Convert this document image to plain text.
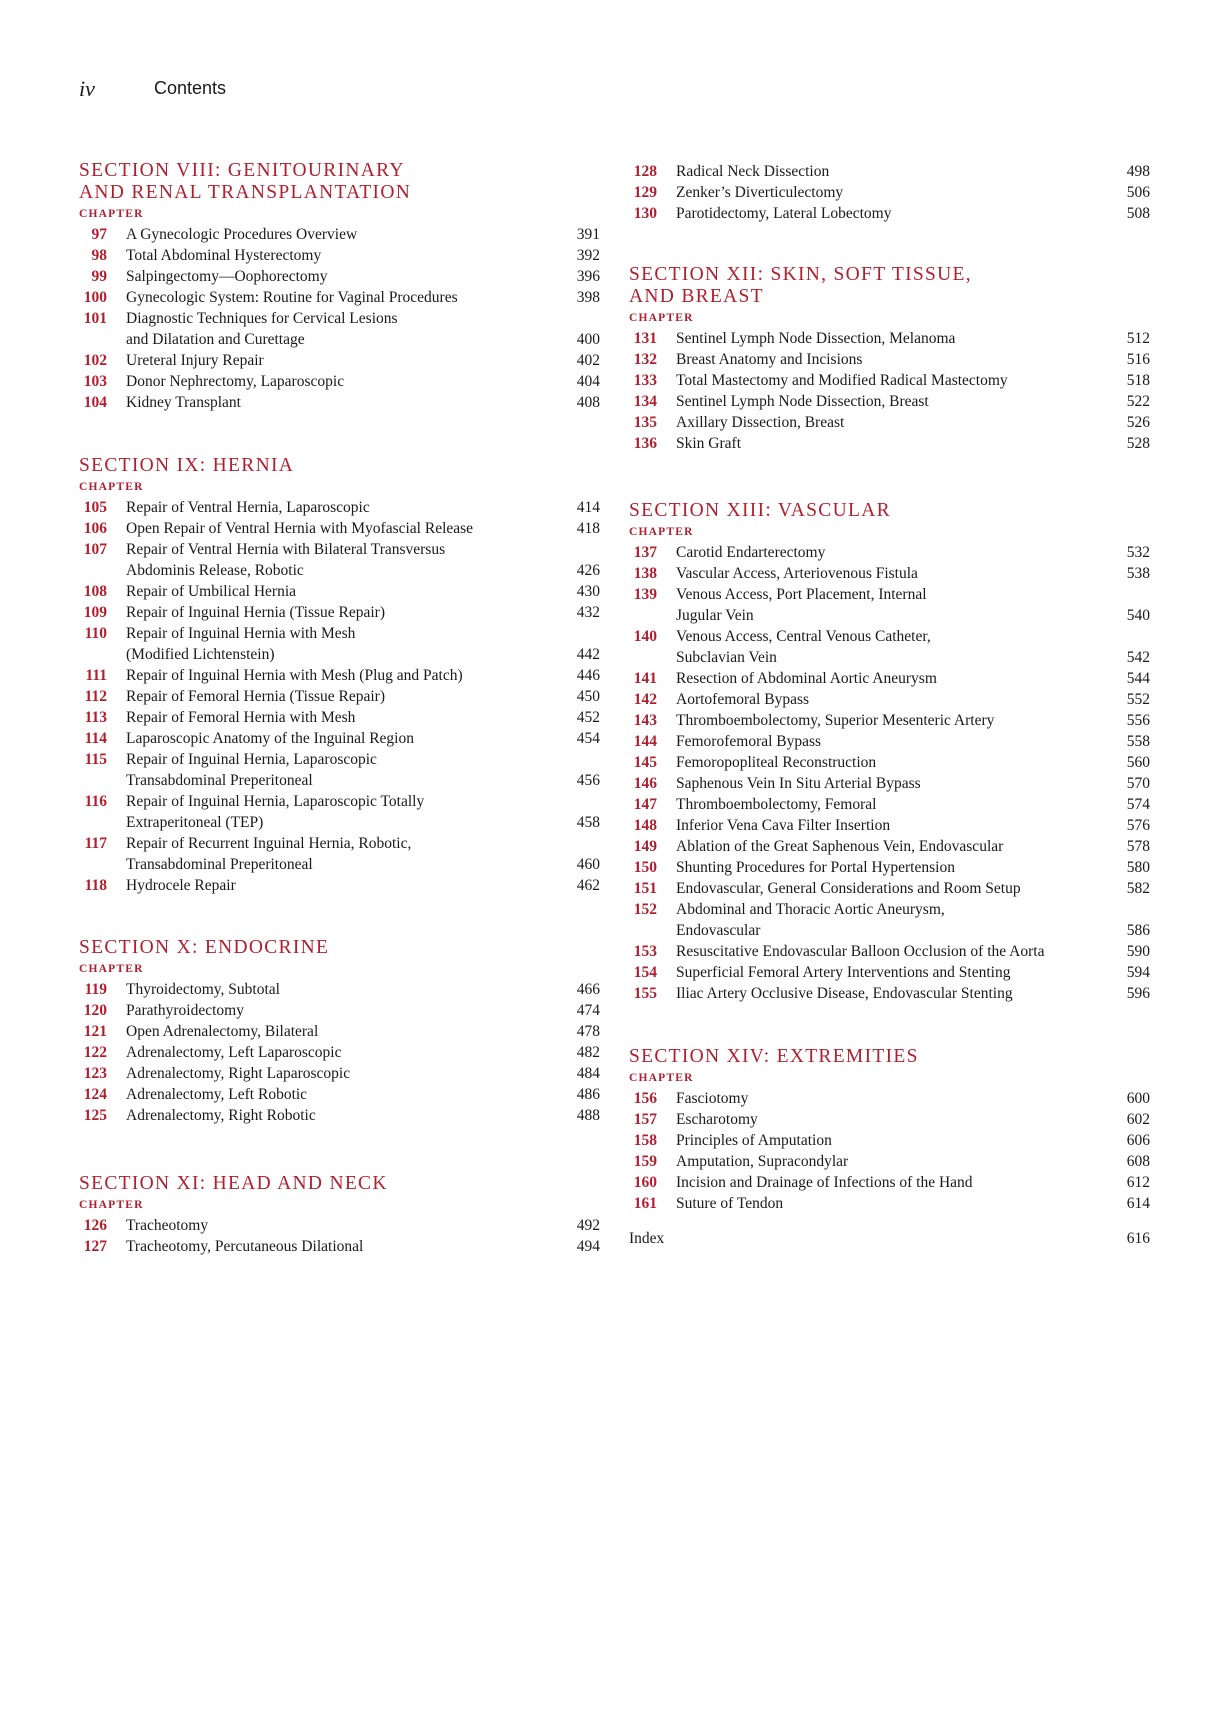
iv	Contents
SECTION VIII: GENITOURINARY
AND RENAL TRANSPLANTATION
CHAPTER
97 A Gynecologic Procedures Overview	391
98 Total Abdominal Hysterectomy	392
99 Salpingectomy—Oophorectomy	396
100 Gynecologic System: Routine for Vaginal Procedures	398
101 Diagnostic Techniques for Cervical Lesions
and Dilatation and Curettage	400
102 Ureteral Injury Repair	402
103 Donor Nephrectomy, Laparoscopic	404
104 Kidney Transplant	408
SECTION IX: HERNIA
CHAPTER
105 Repair of Ventral Hernia, Laparoscopic	414
106 Open Repair of Ventral Hernia with Myofascial Release	418
107 Repair of Ventral Hernia with Bilateral Transversus
Abdominis Release, Robotic	426
108 Repair of Umbilical Hernia	430
109 Repair of Inguinal Hernia (Tissue Repair)	432
110 Repair of Inguinal Hernia with Mesh
(Modified Lichtenstein)	442
111 Repair of Inguinal Hernia with Mesh (Plug and Patch)	446
112 Repair of Femoral Hernia (Tissue Repair)	450
113 Repair of Femoral Hernia with Mesh	452
114 Laparoscopic Anatomy of the Inguinal Region	454
115 Repair of Inguinal Hernia, Laparoscopic
Transabdominal Preperitoneal	456
116 Repair of Inguinal Hernia, Laparoscopic Totally
Extraperitoneal (TEP)	458
117 Repair of Recurrent Inguinal Hernia, Robotic,
Transabdominal Preperitoneal	460
118 Hydrocele Repair	462
SECTION X: ENDOCRINE
CHAPTER
119 Thyroidectomy, Subtotal	466
120 Parathyroidectomy	474
121 Open Adrenalectomy, Bilateral	478
122 Adrenalectomy, Left Laparoscopic	482
123 Adrenalectomy, Right Laparoscopic	484
124 Adrenalectomy, Left Robotic	486
125 Adrenalectomy, Right Robotic	488
SECTION XI: HEAD AND NECK
CHAPTER
126 Tracheotomy	492
127 Tracheotomy, Percutaneous Dilational	494
128 Radical Neck Dissection	498
129 Zenker’s Diverticulectomy	506
130 Parotidectomy, Lateral Lobectomy	508
SECTION XII: SKIN, SOFT TISSUE,
AND BREAST
CHAPTER
131 Sentinel Lymph Node Dissection, Melanoma	512
132 Breast Anatomy and Incisions	516
133 Total Mastectomy and Modified Radical Mastectomy	518
134 Sentinel Lymph Node Dissection, Breast	522
135 Axillary Dissection, Breast	526
136 Skin Graft	528
SECTION XIII: VASCULAR
CHAPTER
137 Carotid Endarterectomy	532
138 Vascular Access, Arteriovenous Fistula	538
139 Venous Access, Port Placement, Internal
Jugular Vein	540
140 Venous Access, Central Venous Catheter,
Subclavian Vein	542
141 Resection of Abdominal Aortic Aneurysm	544
142 Aortofemoral Bypass	552
143 Thromboembolectomy, Superior Mesenteric Artery	556
144 Femorofemoral Bypass	558
145 Femoropopliteal Reconstruction	560
146 Saphenous Vein In Situ Arterial Bypass	570
147 Thromboembolectomy, Femoral	574
148 Inferior Vena Cava Filter Insertion	576
149 Ablation of the Great Saphenous Vein, Endovascular	578
150 Shunting Procedures for Portal Hypertension	580
151 Endovascular, General Considerations and Room Setup	582
152 Abdominal and Thoracic Aortic Aneurysm,
Endovascular	586
153 Resuscitative Endovascular Balloon Occlusion of the Aorta	590
154 Superficial Femoral Artery Interventions and Stenting	594
155 Iliac Artery Occlusive Disease, Endovascular Stenting	596
SECTION XIV: EXTREMITIES
CHAPTER
156 Fasciotomy	600
157 Escharotomy	602
158 Principles of Amputation	606
159 Amputation, Supracondylar	608
160 Incision and Drainage of Infections of the Hand	612
161 Suture of Tendon	614
Index	616
